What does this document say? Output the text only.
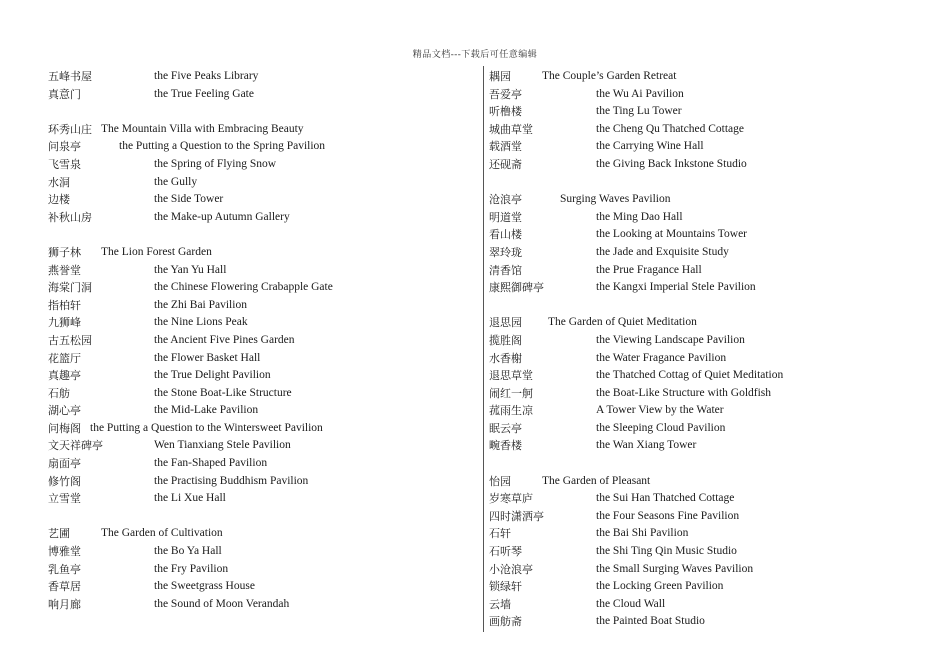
精品文档---下载后可任意编辑
五峰书屋	the Five Peaks Library
真意门	the True Feeling Gate
环秀山庄 The Mountain Villa with Embracing Beauty
问泉亭	the Putting a Question to the Spring Pavilion
飞雪泉	the Spring of Flying Snow
水洞	the Gully
边楼	the Side Tower
补秋山房	the Make-up Autumn Gallery
狮子林 The Lion Forest Garden
燕誉堂	the Yan Yu Hall
海棠门洞	the Chinese Flowering Crabapple Gate
指柏轩	the Zhi Bai Pavilion
九狮峰	the Nine Lions Peak
古五松园	the Ancient Five Pines Garden
花篮厅	the Flower Basket Hall
真趣亭	the True Delight Pavilion
石舫	the Stone Boat-Like Structure
湖心亭	the Mid-Lake Pavilion
问梅阁 the Putting a Question to the Wintersweet Pavilion
文天祥碑亭	Wen Tianxiang Stele Pavilion
扇面亭	the Fan-Shaped Pavilion
修竹阁	the Practising Buddhism Pavilion
立雪堂	the Li Xue Hall
艺圃	The Garden of Cultivation
博雅堂	the Bo Ya Hall
乳鱼亭	the Fry Pavilion
香草居	the Sweetgrass House
响月廊	the Sound of Moon Verandah
耦园	The Couple’s Garden Retreat
吾爱亭	the Wu Ai Pavilion
听橹楼	the Ting Lu Tower
城曲草堂	the Cheng Qu Thatched Cottage
载酒堂	the Carrying Wine Hall
还砚斋	the Giving Back Inkstone Studio
沧浪亭	Surging Waves Pavilion
明道堂	the Ming Dao Hall
看山楼	the Looking at Mountains Tower
翠玲珑	the Jade and Exquisite Study
清香馆	the Prue Fragance Hall
康熙御碑亭	the Kangxi Imperial Stele Pavilion
退思园 The Garden of Quiet Meditation
揽胜阁	the Viewing Landscape Pavilion
水香榭	the Water Fragance Pavilion
退思草堂	the Thatched Cottag of Quiet Meditation
闹红一舸	the Boat-Like Structure with Goldfish
菰雨生凉	A Tower View by the Water
眠云亭	the Sleeping Cloud Pavilion
畹香楼	the Wan Xiang Tower
怡园	The Garden of Pleasant
岁寒草庐	the Sui Han Thatched Cottage
四时潇洒亭	the Four Seasons Fine Pavilion
石轩	the Bai Shi Pavilion
石听琴	the Shi Ting Qin Music Studio
小沧浪亭	the Small Surging Waves Pavilion
锁绿轩	the Locking Green Pavilion
云墙	the Cloud Wall
画舫斋	the Painted Boat Studio
